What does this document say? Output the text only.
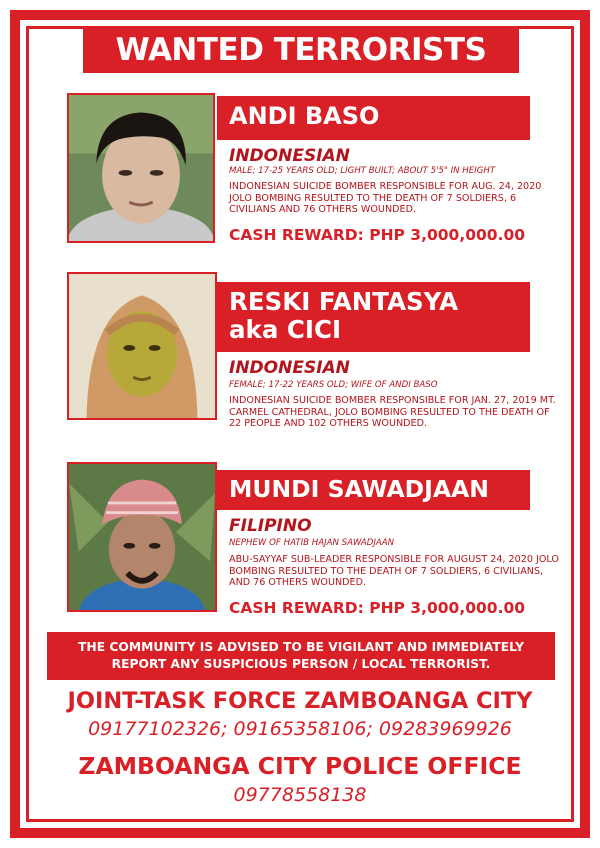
WANTED TERRORISTS
ANDI BASO
INDONESIAN
MALE; 17-25 YEARS OLD; LIGHT BUILT; ABOUT 5'5" IN HEIGHT
INDONESIAN SUICIDE BOMBER RESPONSIBLE FOR AUG. 24, 2020 JOLO BOMBING RESULTED TO THE DEATH OF 7 SOLDIERS, 6 CIVILIANS AND 76 OTHERS WOUNDED.
CASH REWARD: PHP 3,000,000.00
RESKI FANTASYA
aka CICI
INDONESIAN
FEMALE; 17-22 YEARS OLD; WIFE OF ANDI BASO
INDONESIAN SUICIDE BOMBER RESPONSIBLE FOR JAN. 27, 2019 MT. CARMEL CATHEDRAL, JOLO BOMBING RESULTED TO THE DEATH OF 22 PEOPLE AND 102 OTHERS WOUNDED.
MUNDI SAWADJAAN
FILIPINO
NEPHEW OF HATIB HAJAN SAWADJAAN
ABU-SAYYAF SUB-LEADER RESPONSIBLE FOR AUGUST 24, 2020 JOLO BOMBING RESULTED TO THE DEATH OF 7 SOLDIERS, 6 CIVILIANS, AND 76 OTHERS WOUNDED.
CASH REWARD: PHP 3,000,000.00
THE COMMUNITY IS ADVISED TO BE VIGILANT AND IMMEDIATELY
REPORT ANY SUSPICIOUS PERSON / LOCAL TERRORIST.
JOINT-TASK FORCE ZAMBOANGA CITY
09177102326; 09165358106; 09283969926
ZAMBOANGA CITY POLICE OFFICE
09778558138
